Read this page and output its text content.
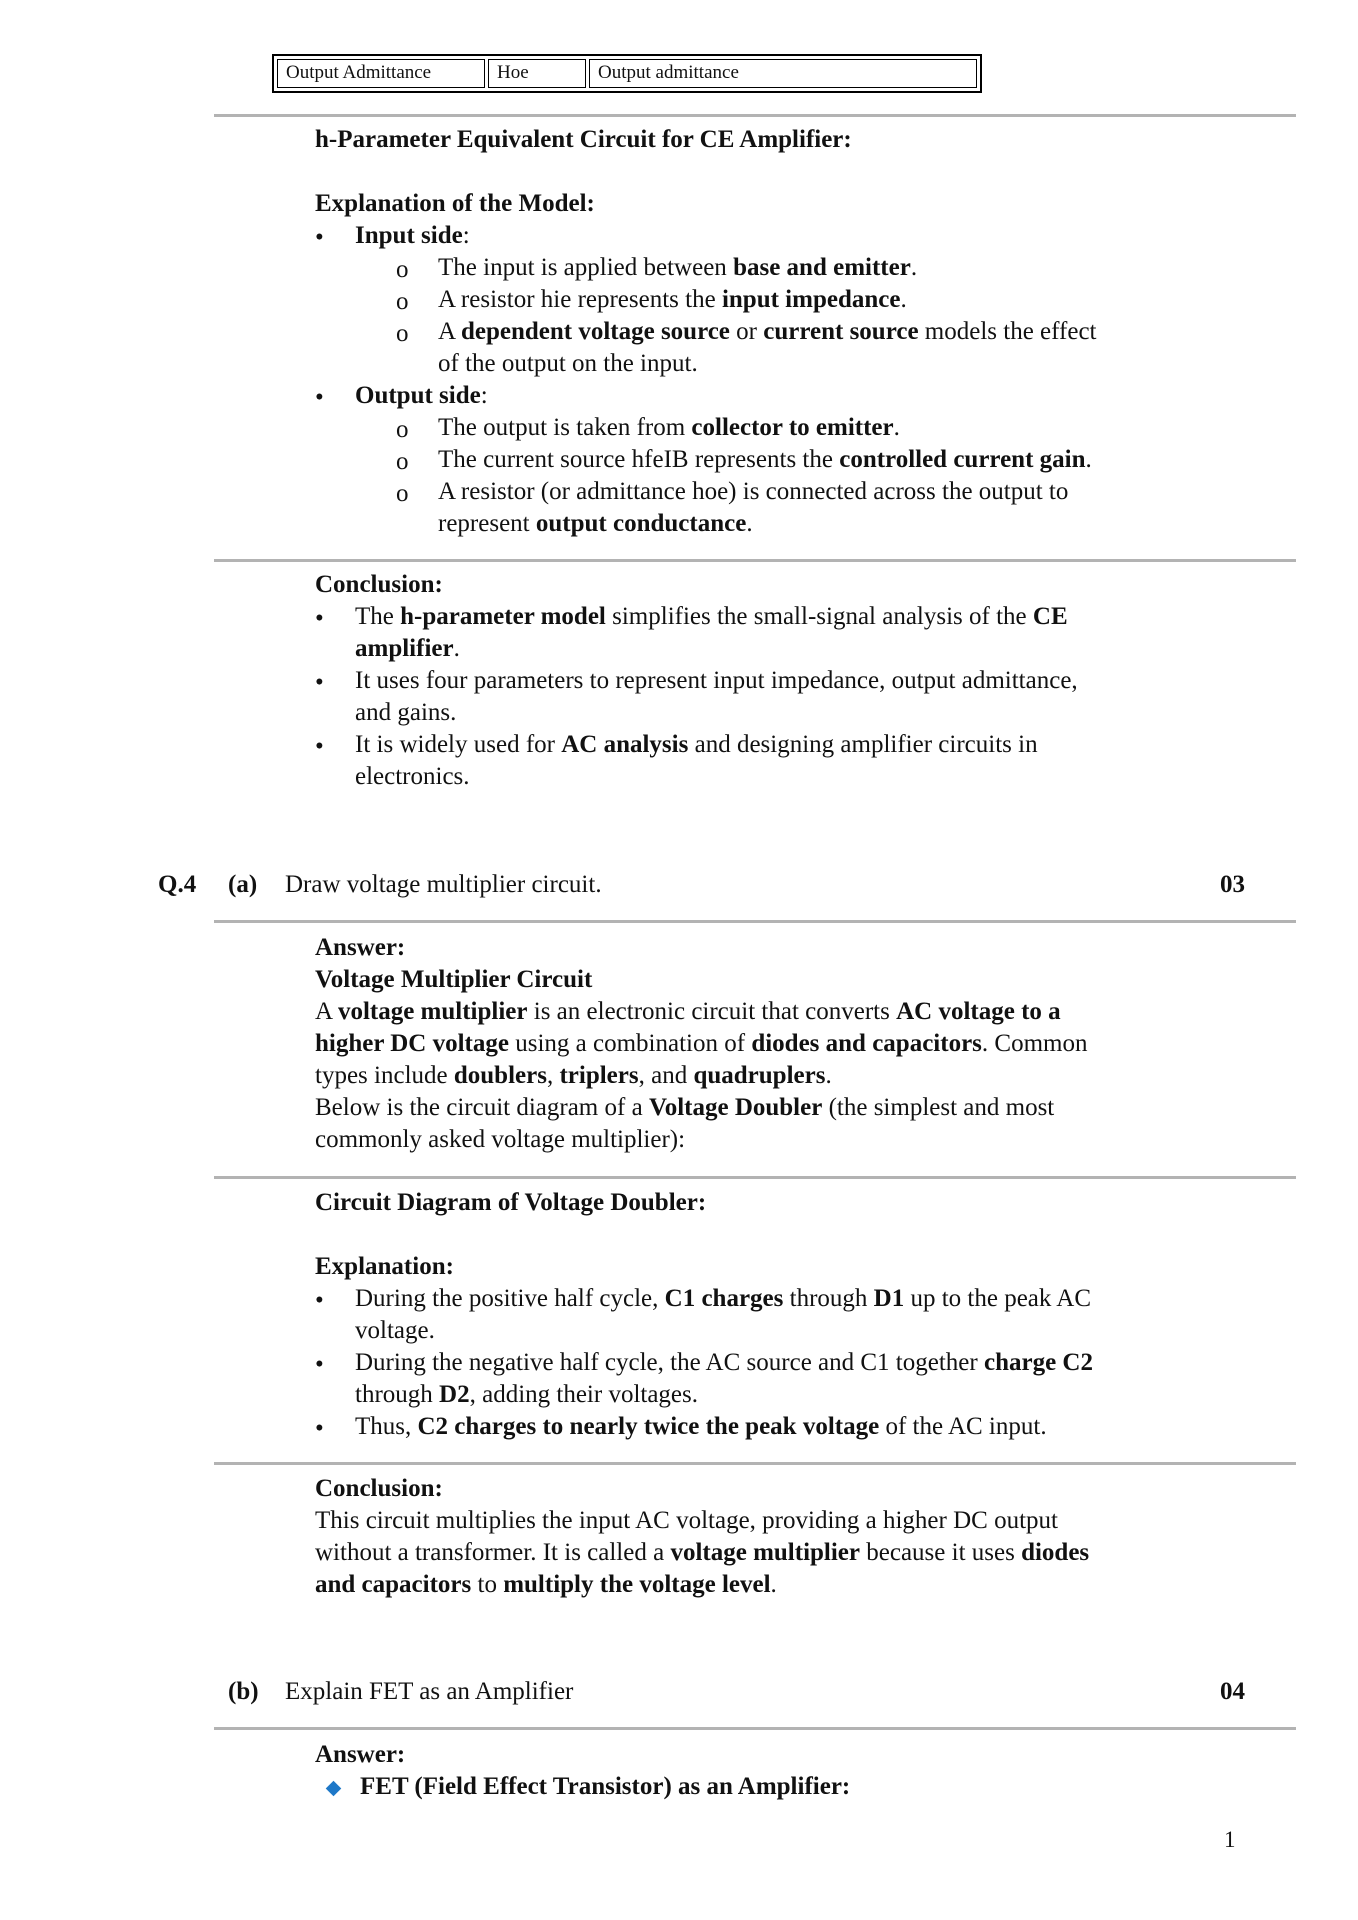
Output Admittance	Hoe	Output admittance
h-Parameter Equivalent Circuit for CE Amplifier:
Explanation of the Model:
Input side:
The input is applied between base and emitter.
A resistor hie represents the input impedance.
A dependent voltage source or current source models the effect
of the output on the input.
Output side:
The output is taken from collector to emitter.
The current source hfeIB represents the controlled current gain.
A resistor (or admittance hoe) is connected across the output to
represent output conductance.
Conclusion:
The h-parameter model simplifies the small-signal analysis of the CE
amplifier.
It uses four parameters to represent input impedance, output admittance,
and gains.
It is widely used for AC analysis and designing amplifier circuits in
electronics.
Q.4 (a) Draw voltage multiplier circuit.	03
Answer:
Voltage Multiplier Circuit
A voltage multiplier is an electronic circuit that converts AC voltage to a
higher DC voltage using a combination of diodes and capacitors. Common
types include doublers, triplers, and quadruplers.
Below is the circuit diagram of a Voltage Doubler (the simplest and most
commonly asked voltage multiplier):
Circuit Diagram of Voltage Doubler:
Explanation:
During the positive half cycle, C1 charges through D1 up to the peak AC
voltage.
During the negative half cycle, the AC source and C1 together charge C2
through D2, adding their voltages.
Thus, C2 charges to nearly twice the peak voltage of the AC input.
Conclusion:
This circuit multiplies the input AC voltage, providing a higher DC output
without a transformer. It is called a voltage multiplier because it uses diodes
and capacitors to multiply the voltage level.
(b) Explain FET as an Amplifier	04
Answer:
FET (Field Effect Transistor) as an Amplifier:
1
